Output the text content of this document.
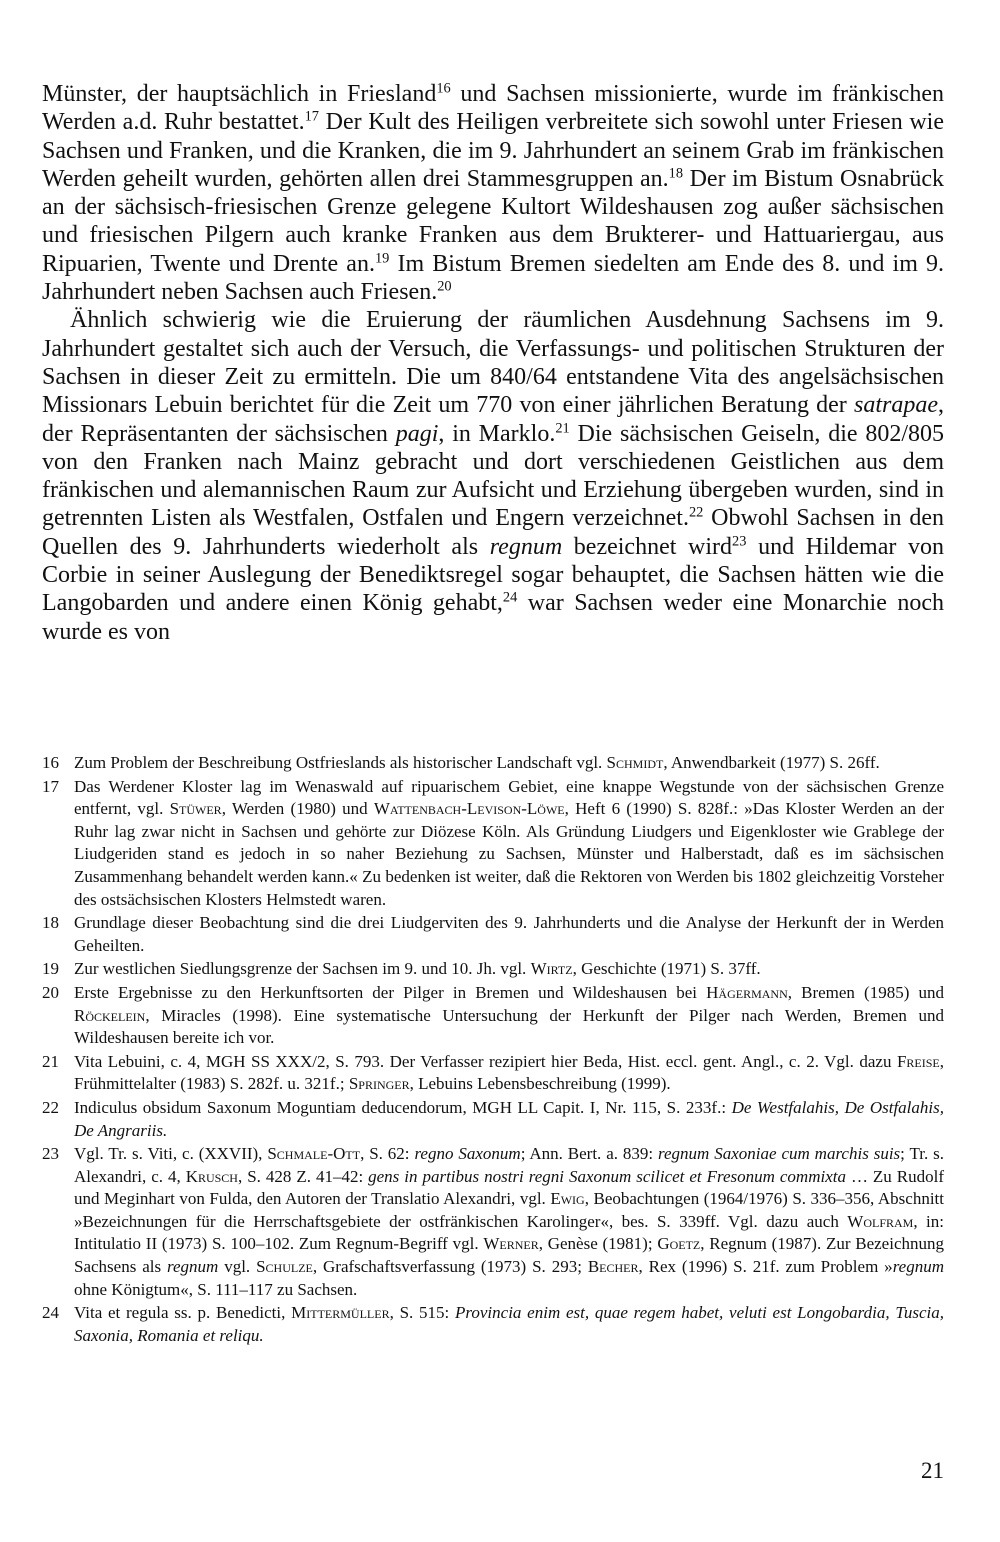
Münster, der hauptsächlich in Friesland$^{16}$ und Sachsen missionierte, wurde im fränkischen Werden a.d. Ruhr bestattet.$^{17}$ Der Kult des Heiligen verbreitete sich sowohl unter Friesen wie Sachsen und Franken, und die Kranken, die im 9. Jahrhundert an seinem Grab im fränkischen Werden geheilt wurden, gehörten allen drei Stammesgruppen an.$^{18}$ Der im Bistum Osnabrück an der sächsisch-friesischen Grenze gelegene Kultort Wildeshausen zog außer sächsischen und friesischen Pilgern auch kranke Franken aus dem Brukterer- und Hattuariergau, aus Ripuarien, Twente und Drente an.$^{19}$ Im Bistum Bremen siedelten am Ende des 8. und im 9. Jahrhundert neben Sachsen auch Friesen.$^{20}$

Ähnlich schwierig wie die Eruierung der räumlichen Ausdehnung Sachsens im 9. Jahrhundert gestaltet sich auch der Versuch, die Verfassungs- und politischen Strukturen der Sachsen in dieser Zeit zu ermitteln. Die um 840/64 entstandene Vita des angelsächsischen Missionars Lebuin berichtet für die Zeit um 770 von einer jährlichen Beratung der satrapae, der Repräsentanten der sächsischen pagi, in Marklo.$^{21}$ Die sächsischen Geiseln, die 802/805 von den Franken nach Mainz gebracht und dort verschiedenen Geistlichen aus dem fränkischen und alemannischen Raum zur Aufsicht und Erziehung übergeben wurden, sind in getrennten Listen als Westfalen, Ostfalen und Engern verzeichnet.$^{22}$ Obwohl Sachsen in den Quellen des 9. Jahrhunderts wiederholt als regnum bezeichnet wird$^{23}$ und Hildemar von Corbie in seiner Auslegung der Benediktsregel sogar behauptet, die Sachsen hätten wie die Langobarden und andere einen König gehabt,$^{24}$ war Sachsen weder eine Monarchie noch wurde es von

16 Zum Problem der Beschreibung Ostfrieslands als historischer Landschaft vgl. Schmidt, Anwendbarkeit (1977) S. 26ff.
17 Das Werdener Kloster lag im Wenaswald auf ripuarischem Gebiet, eine knappe Wegstunde von der sächsischen Grenze entfernt, vgl. Stüwer, Werden (1980) und Wattenbach-Levison-Löwe, Heft 6 (1990) S. 828f.: »Das Kloster Werden an der Ruhr lag zwar nicht in Sachsen und gehörte zur Diözese Köln. Als Gründung Liudgers und Eigenkloster wie Grablege der Liudgeriden stand es jedoch in so naher Beziehung zu Sachsen, Münster und Halberstadt, daß es im sächsischen Zusammenhang behandelt werden kann.« Zu bedenken ist weiter, daß die Rektoren von Werden bis 1802 gleichzeitig Vorsteher des ostsächsischen Klosters Helmstedt waren.
18 Grundlage dieser Beobachtung sind die drei Liudgerviten des 9. Jahrhunderts und die Analyse der Herkunft der in Werden Geheilten.
19 Zur westlichen Siedlungsgrenze der Sachsen im 9. und 10. Jh. vgl. Wirtz, Geschichte (1971) S. 37ff.
20 Erste Ergebnisse zu den Herkunftsorten der Pilger in Bremen und Wildeshausen bei Hägermann, Bremen (1985) und Röckelein, Miracles (1998). Eine systematische Untersuchung der Herkunft der Pilger nach Werden, Bremen und Wildeshausen bereite ich vor.
21 Vita Lebuini, c. 4, MGH SS XXX/2, S. 793. Der Verfasser rezipiert hier Beda, Hist. eccl. gent. Angl., c. 2. Vgl. dazu Freise, Frühmittelalter (1983) S. 282f. u. 321f.; Springer, Lebuins Lebensbeschreibung (1999).
22 Indiculus obsidum Saxonum Moguntiam deducendorum, MGH LL Capit. I, Nr. 115, S. 233f.: De Westfalahis, De Ostfalahis, De Angrariis.
23 Vgl. Tr. s. Viti, c. (XXVII), Schmale-Ott, S. 62: regno Saxonum; Ann. Bert. a. 839: regnum Saxoniae cum marchis suis; Tr. s. Alexandri, c. 4, Krusch, S. 428 Z. 41–42: gens in partibus nostri regni Saxonum scilicet et Fresonum commixta … Zu Rudolf und Meginhart von Fulda, den Autoren der Translatio Alexandri, vgl. Ewig, Beobachtungen (1964/1976) S. 336–356, Abschnitt »Bezeichnungen für die Herrschaftsgebiete der ostfränkischen Karolinger«, bes. S. 339ff. Vgl. dazu auch Wolfram, in: Intitulatio II (1973) S. 100–102. Zum Regnum-Begriff vgl. Werner, Genèse (1981); Goetz, Regnum (1987). Zur Bezeichnung Sachsens als regnum vgl. Schulze, Grafschaftsverfassung (1973) S. 293; Becher, Rex (1996) S. 21f. zum Problem »regnum ohne Königtum«, S. 111–117 zu Sachsen.
24 Vita et regula ss. p. Benedicti, Mittermüller, S. 515: Provincia enim est, quae regem habet, veluti est Longobardia, Tuscia, Saxonia, Romania et reliqu.
21
